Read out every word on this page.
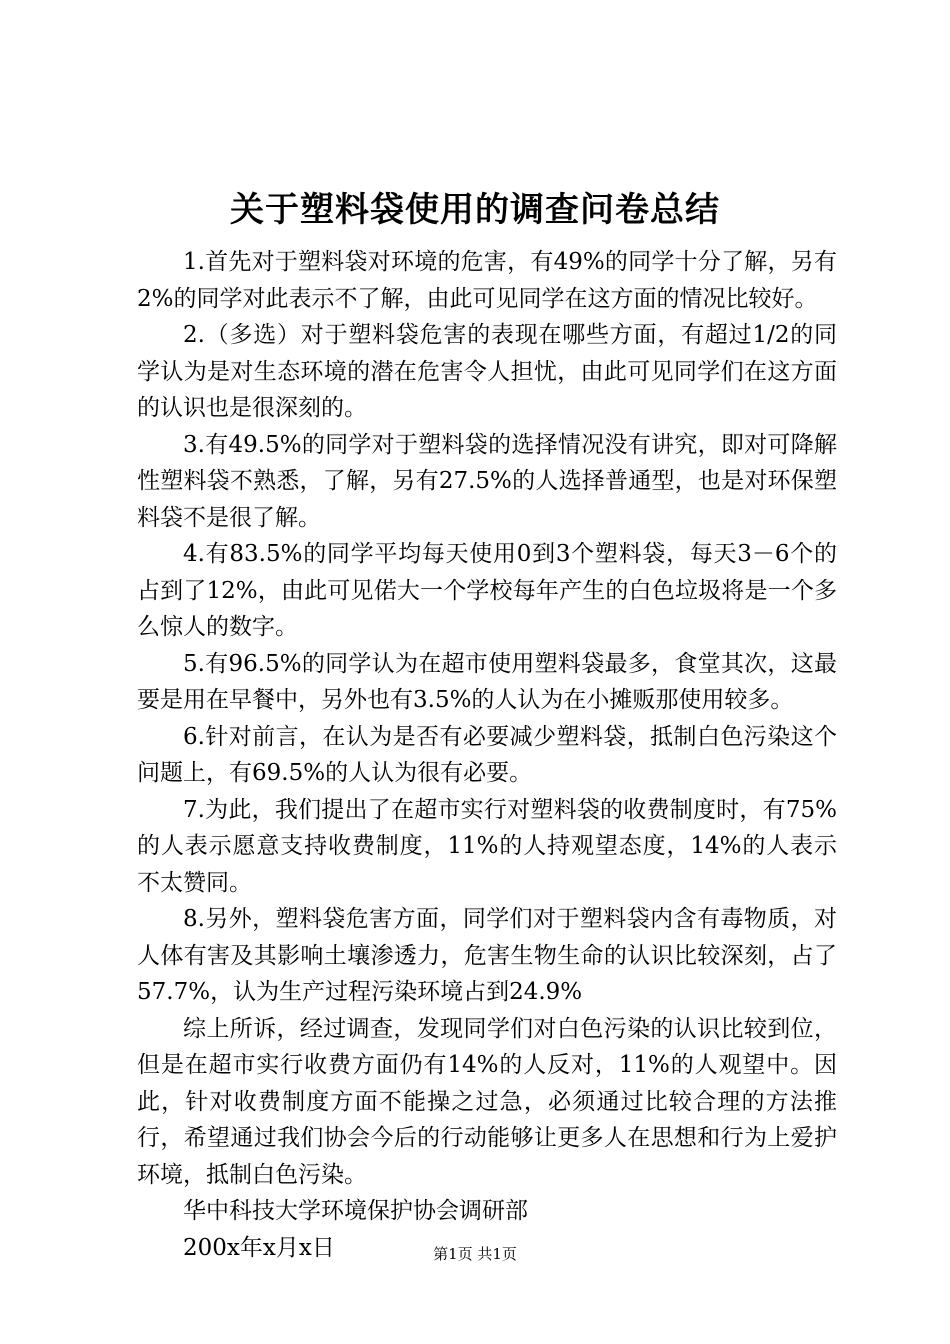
关于塑料袋使用的调查问卷总结

1.首先对于塑料袋对环境的危害，有49%的同学十分了解，另有2%的同学对此表示不了解，由此可见同学在这方面的情况比较好。

2.（多选）对于塑料袋危害的表现在哪些方面，有超过1/2的同学认为是对生态环境的潜在危害令人担忧，由此可见同学们在这方面的认识也是很深刻的。

3.有49.5%的同学对于塑料袋的选择情况没有讲究，即对可降解性塑料袋不熟悉，了解，另有27.5%的人选择普通型，也是对环保塑料袋不是很了解。

4.有83.5%的同学平均每天使用0到3个塑料袋，每天3－6个的占到了12%，由此可见偌大一个学校每年产生的白色垃圾将是一个多么惊人的数字。

5.有96.5%的同学认为在超市使用塑料袋最多，食堂其次，这最要是用在早餐中，另外也有3.5%的人认为在小摊贩那使用较多。

6.针对前言，在认为是否有必要减少塑料袋，抵制白色污染这个问题上，有69.5%的人认为很有必要。

7.为此，我们提出了在超市实行对塑料袋的收费制度时，有75%的人表示愿意支持收费制度，11%的人持观望态度，14%的人表示不太赞同。

8.另外，塑料袋危害方面，同学们对于塑料袋内含有毒物质，对人体有害及其影响土壤渗透力，危害生物生命的认识比较深刻，占了57.7%，认为生产过程污染环境占到24.9%

综上所诉，经过调查，发现同学们对白色污染的认识比较到位，但是在超市实行收费方面仍有14%的人反对，11%的人观望中。因此，针对收费制度方面不能操之过急，必须通过比较合理的方法推行，希望通过我们协会今后的行动能够让更多人在思想和行为上爱护环境，抵制白色污染。

华中科技大学环境保护协会调研部

200x年x月x日	第1页 共1页
